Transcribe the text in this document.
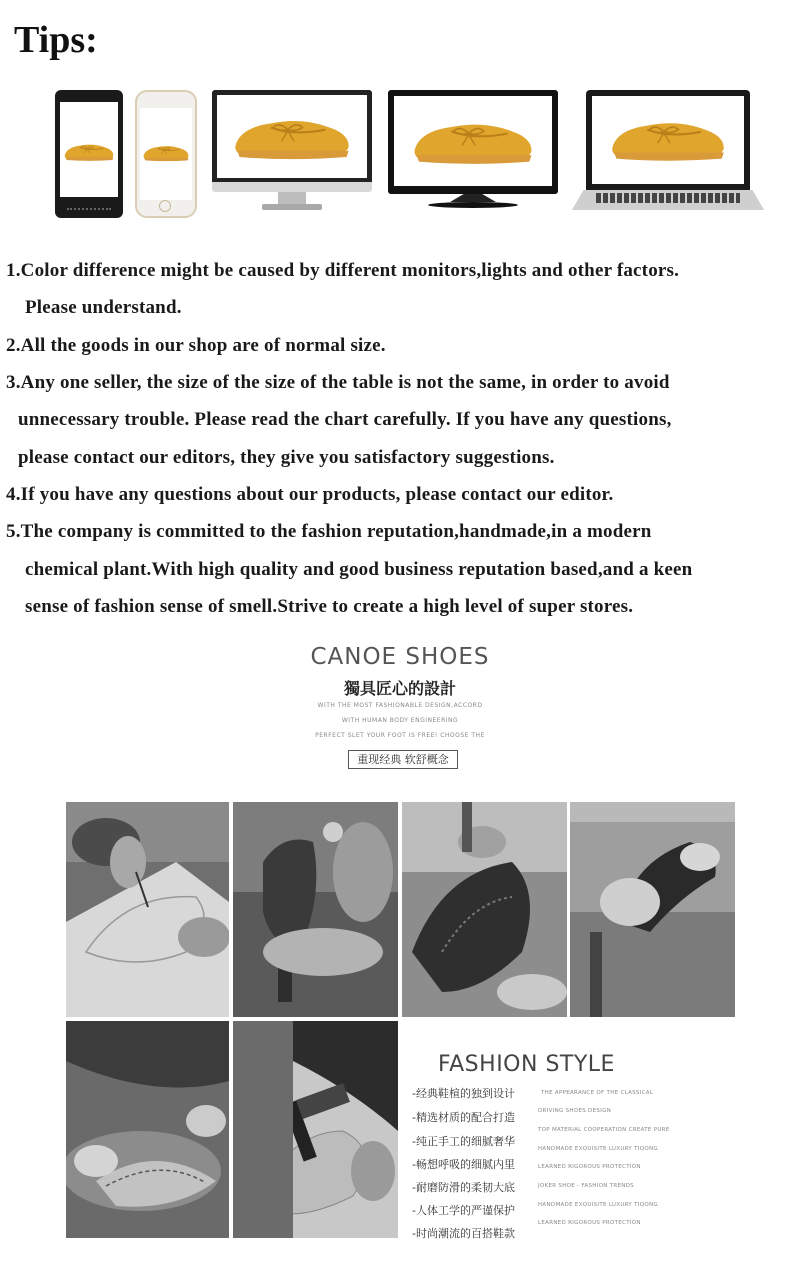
Tips:
1.Color difference might be caused by different monitors,lights and other factors.
Please understand.
2.All the goods in our shop are of normal size.
3.Any one seller, the size of the size of the table is not the same, in order to avoid
unnecessary trouble. Please read the chart carefully. If you have any questions,
please contact our editors, they give you satisfactory suggestions.
4.If you have any questions about our products, please contact our editor.
5.The company is committed to the fashion reputation,handmade,in a modern
chemical plant.With high quality and good business reputation based,and a keen
sense of fashion sense of smell.Strive to create a high level of super stores.
CANOE SHOES
獨具匠心的設計
WITH THE MOST FASHIONABLE DESIGN,ACCORD
WITH HUMAN BODY ENGINEERING
PERFECT SLET YOUR FOOT IS FREE! CHOOSE THE
重现经典 软舒概念
FASHION STYLE
-经典鞋楦的独到设计
-精选材质的配合打造
-纯正手工的细腻奢华
-畅想呼吸的细腻内里
-耐磨防滑的柔韧大底
-人体工学的严谨保护
-时尚潮流的百搭鞋款
THE APPEARANCE OF THE CLASSICAL
DRIVING SHOES DESIGN
TOP MATERIAL COOPERATION CREATE PURE
HANDMADE EXQUISITE LUXURY TIQONG
LEARNED RIGOROUS PROTECTION
JOKER SHOE - FASHION TRENDS
HANDMADE EXQUISITE LUXURY TIQONG
LEARNED RIGOROUS PROTECTION
